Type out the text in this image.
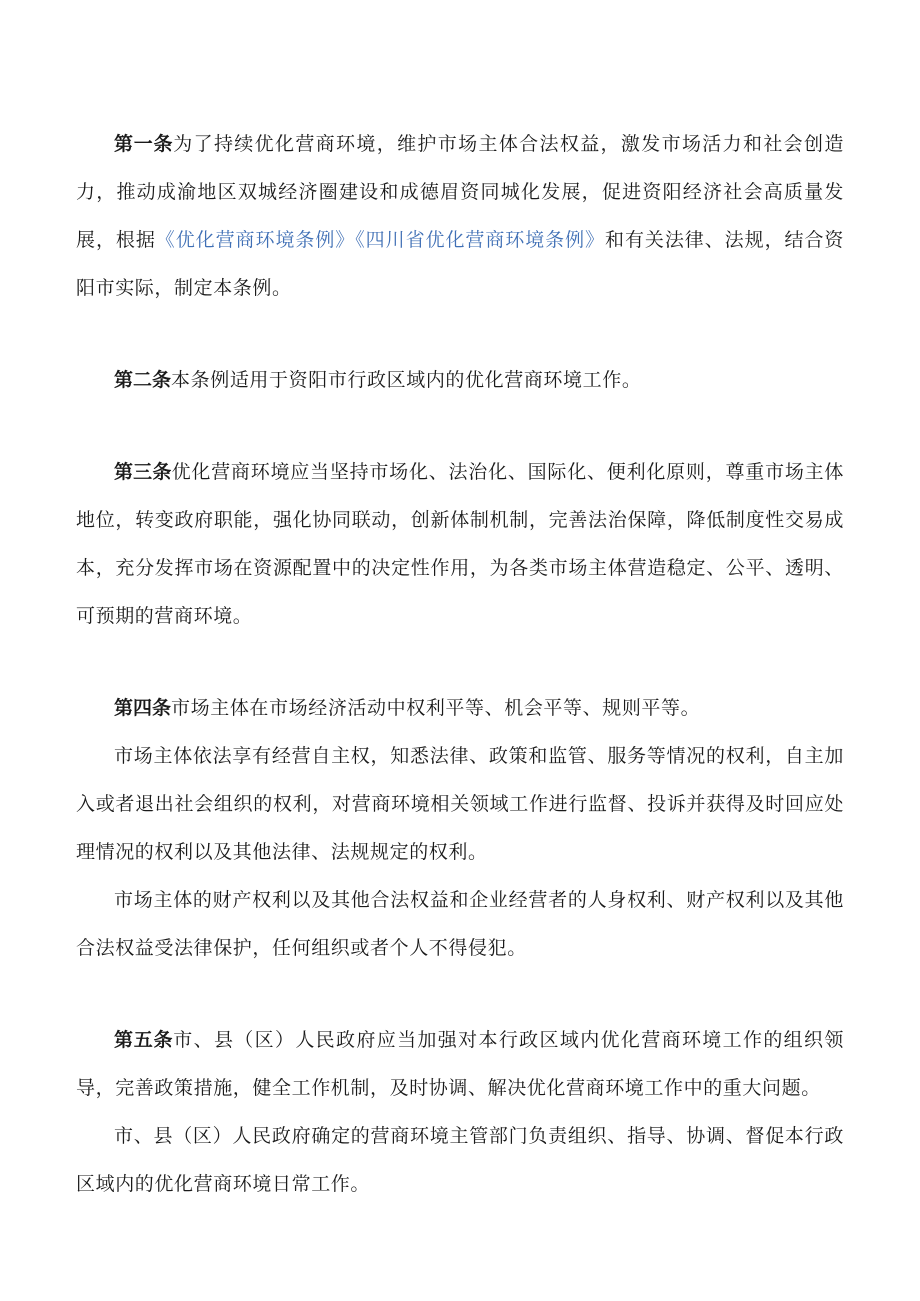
第一条为了持续优化营商环境，维护市场主体合法权益，激发市场活力和社会创造力，推动成渝地区双城经济圈建设和成德眉资同城化发展，促进资阳经济社会高质量发展，根据《优化营商环境条例》《四川省优化营商环境条例》和有关法律、法规，结合资阳市实际，制定本条例。

第二条本条例适用于资阳市行政区域内的优化营商环境工作。

第三条优化营商环境应当坚持市场化、法治化、国际化、便利化原则，尊重市场主体地位，转变政府职能，强化协同联动，创新体制机制，完善法治保障，降低制度性交易成本，充分发挥市场在资源配置中的决定性作用，为各类市场主体营造稳定、公平、透明、可预期的营商环境。

第四条市场主体在市场经济活动中权利平等、机会平等、规则平等。

市场主体依法享有经营自主权，知悉法律、政策和监管、服务等情况的权利，自主加入或者退出社会组织的权利，对营商环境相关领域工作进行监督、投诉并获得及时回应处理情况的权利以及其他法律、法规规定的权利。

市场主体的财产权利以及其他合法权益和企业经营者的人身权利、财产权利以及其他合法权益受法律保护，任何组织或者个人不得侵犯。

第五条市、县（区）人民政府应当加强对本行政区域内优化营商环境工作的组织领导，完善政策措施，健全工作机制，及时协调、解决优化营商环境工作中的重大问题。

市、县（区）人民政府确定的营商环境主管部门负责组织、指导、协调、督促本行政区域内的优化营商环境日常工作。
